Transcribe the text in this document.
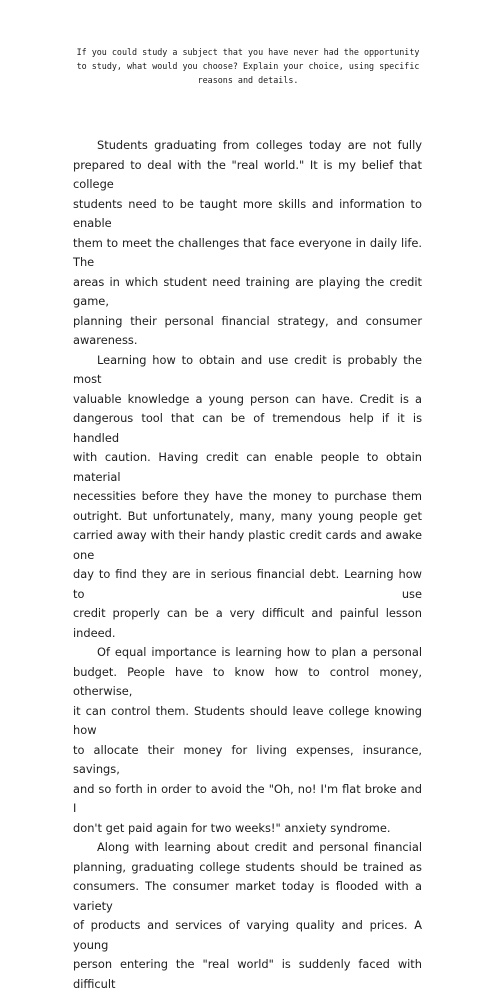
If you could study a subject that you have never had the opportunity
to study, what would you choose? Explain your choice, using specific
reasons and details.

Students graduating from colleges today are not fully
prepared to deal with the "real world." It is my belief that college
students need to be taught more skills and information to enable
them to meet the challenges that face everyone in daily life. The
areas in which student need training are playing the credit game,
planning their personal financial strategy, and consumer
awareness.

Learning how to obtain and use credit is probably the most
valuable knowledge a young person can have. Credit is a
dangerous tool that can be of tremendous help if it is handled
with caution. Having credit can enable people to obtain material
necessities before they have the money to purchase them
outright. But unfortunately, many, many young people get
carried away with their handy plastic credit cards and awake one
day to find they are in serious financial debt. Learning how to use
credit properly can be a very difficult and painful lesson indeed.

Of equal importance is learning how to plan a personal
budget. People have to know how to control money, otherwise,
it can control them. Students should leave college knowing how
to allocate their money for living expenses, insurance, savings,
and so forth in order to avoid the "Oh, no! I'm flat broke and I
don't get paid again for two weeks!" anxiety syndrome.

Along with learning about credit and personal financial
planning, graduating college students should be trained as
consumers. The consumer market today is flooded with a variety
of products and services of varying quality and prices. A young
person entering the "real world" is suddenly faced with difficult
